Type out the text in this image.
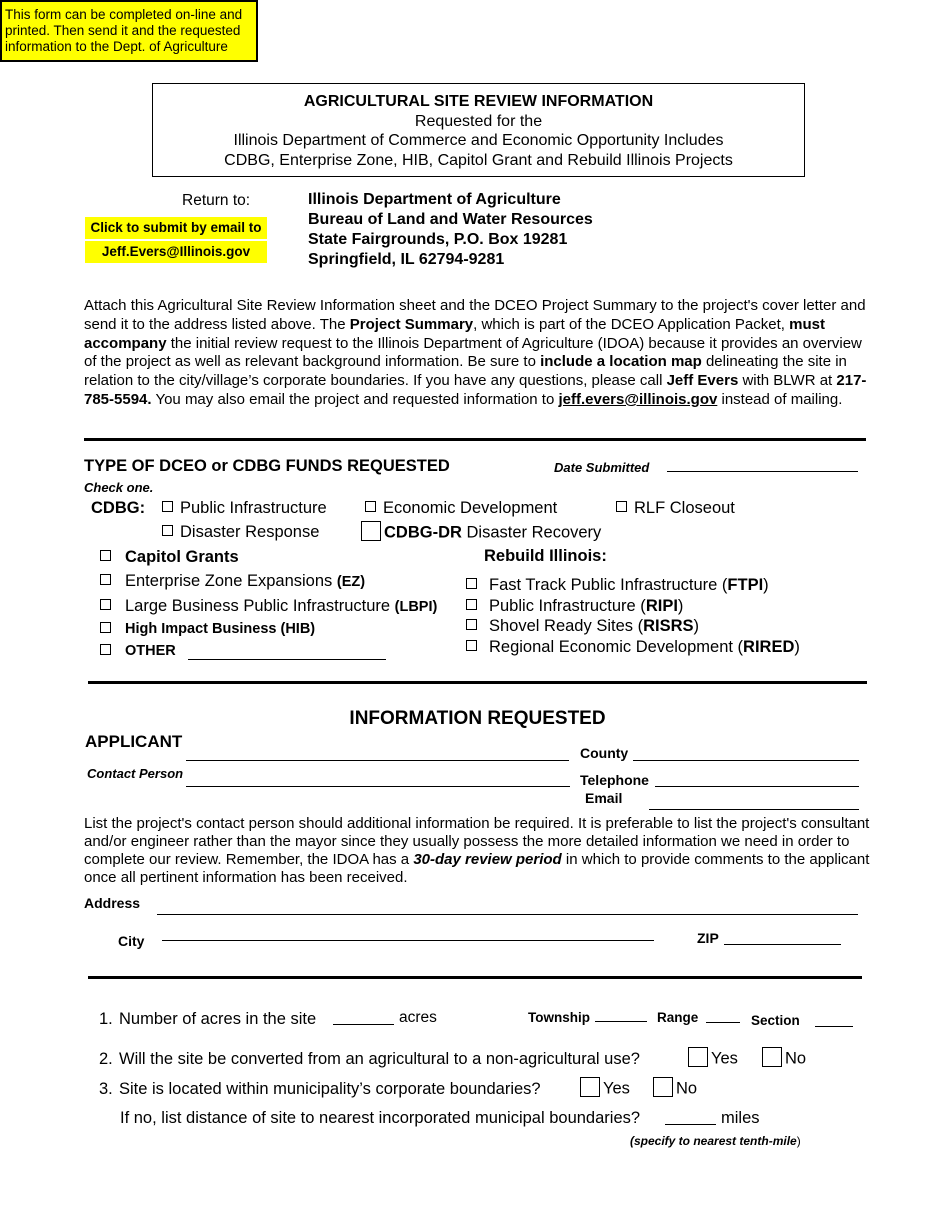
This form can be completed on-line and
printed. Then send it and the requested
information to the Dept. of Agriculture
AGRICULTURAL SITE REVIEW INFORMATION
Requested for the
Illinois Department of Commerce and Economic Opportunity Includes
CDBG, Enterprise Zone, HIB, Capitol Grant and Rebuild Illinois Projects
Return to:
Click to submit by email to
Jeff.Evers@Illinois.gov
Illinois Department of Agriculture
Bureau of Land and Water Resources
State Fairgrounds, P.O. Box 19281
Springfield, IL 62794-9281
Attach this Agricultural Site Review Information sheet and the DCEO Project Summary to the project's cover letter and send it to the address listed above. The Project Summary, which is part of the DCEO Application Packet, must accompany the initial review request to the Illinois Department of Agriculture (IDOA) because it provides an overview of the project as well as relevant background information. Be sure to include a location map delineating the site in relation to the city/village’s corporate boundaries. If you have any questions, please call Jeff Evers with BLWR at 217-785-5594. You may also email the project and requested information to jeff.evers@illinois.gov instead of mailing.
TYPE OF DCEO or CDBG FUNDS REQUESTED	Date Submitted
Check one.
CDBG:	Public Infrastructure	Economic Development	RLF Closeout
Disaster Response	CDBG-DR Disaster Recovery
Capitol Grants
Enterprise Zone Expansions (EZ)
Large Business Public Infrastructure (LBPI)
High Impact Business (HIB)
OTHER
Rebuild Illinois:
Fast Track Public Infrastructure (FTPI)
Public Infrastructure (RIPI)
Shovel Ready Sites (RISRS)
Regional Economic Development (RIRED)
INFORMATION REQUESTED
APPLICANT
County
Contact Person	Telephone
Email
List the project's contact person should additional information be required. It is preferable to list the project's consultant and/or engineer rather than the mayor since they usually possess the more detailed information we need in order to complete our review. Remember, the IDOA has a 30-day review period in which to provide comments to the applicant once all pertinent information has been received.
Address
City	ZIP
1. Number of acres in the site	acres	Township	Range	Section
2. Will the site be converted from an agricultural to a non-agricultural use?	Yes	No
3. Site is located within municipality’s corporate boundaries?	Yes	No
If no, list distance of site to nearest incorporated municipal boundaries?	miles
(specify to nearest tenth-mile)
